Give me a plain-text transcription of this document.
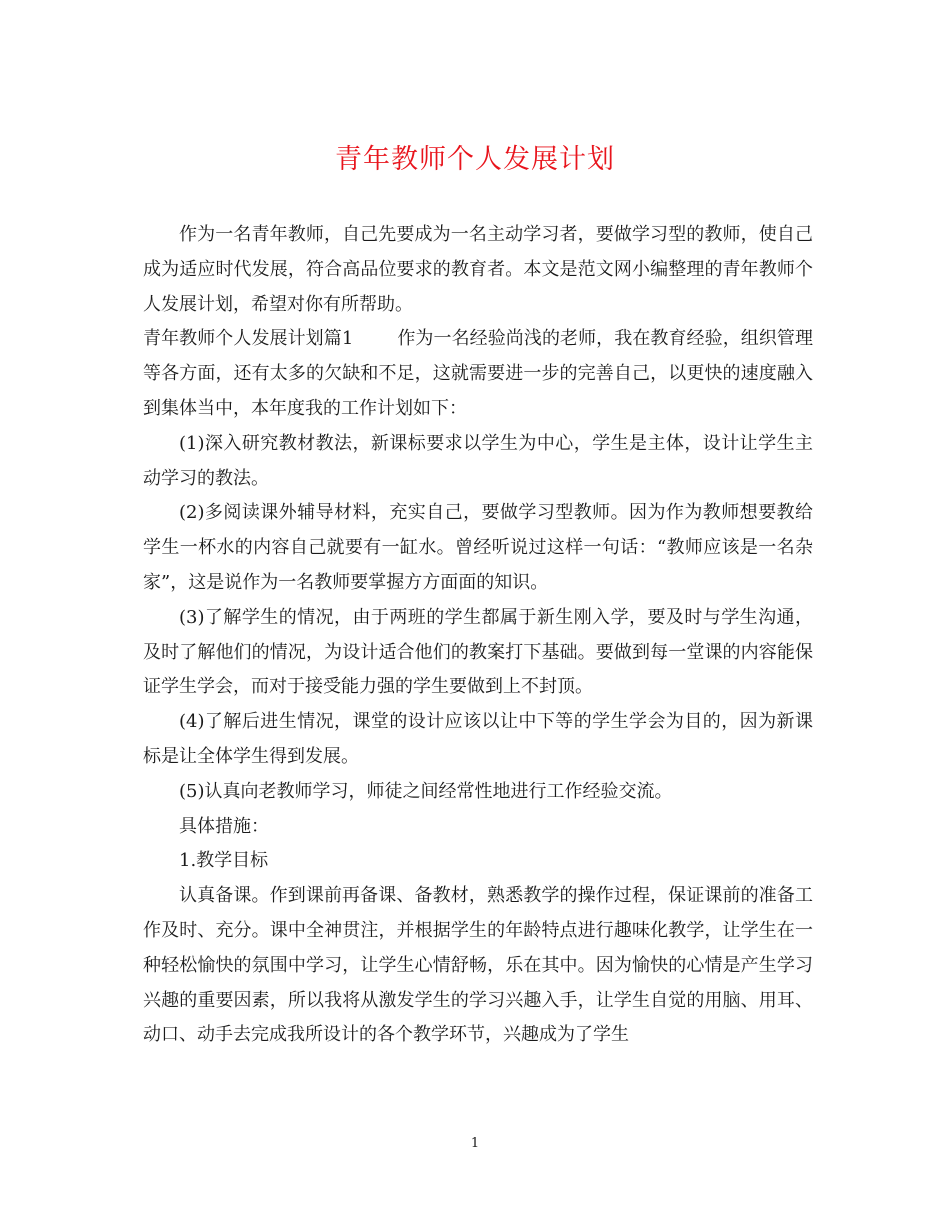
青年教师个人发展计划

作为一名青年教师，自己先要成为一名主动学习者，要做学习型的教师，使自己成为适应时代发展，符合高品位要求的教育者。本文是范文网小编整理的青年教师个人发展计划，希望对你有所帮助。

青年教师个人发展计划篇1 作为一名经验尚浅的老师，我在教育经验，组织管理等各方面，还有太多的欠缺和不足，这就需要进一步的完善自己，以更快的速度融入到集体当中，本年度我的工作计划如下：

(1)深入研究教材教法，新课标要求以学生为中心，学生是主体，设计让学生主动学习的教法。

(2)多阅读课外辅导材料，充实自己，要做学习型教师。因为作为教师想要教给学生一杯水的内容自己就要有一缸水。曾经听说过这样一句话：“教师应该是一名杂家”，这是说作为一名教师要掌握方方面面的知识。

(3)了解学生的情况，由于两班的学生都属于新生刚入学，要及时与学生沟通，及时了解他们的情况，为设计适合他们的教案打下基础。要做到每一堂课的内容能保证学生学会，而对于接受能力强的学生要做到上不封顶。

(4)了解后进生情况，课堂的设计应该以让中下等的学生学会为目的，因为新课标是让全体学生得到发展。

(5)认真向老教师学习，师徒之间经常性地进行工作经验交流。

具体措施：

1.教学目标

认真备课。作到课前再备课、备教材，熟悉教学的操作过程，保证课前的准备工作及时、充分。课中全神贯注，并根据学生的年龄特点进行趣味化教学，让学生在一种轻松愉快的氛围中学习，让学生心情舒畅，乐在其中。因为愉快的心情是产生学习兴趣的重要因素，所以我将从激发学生的学习兴趣入手，让学生自觉的用脑、用耳、动口、动手去完成我所设计的各个教学环节，兴趣成为了学生

1
